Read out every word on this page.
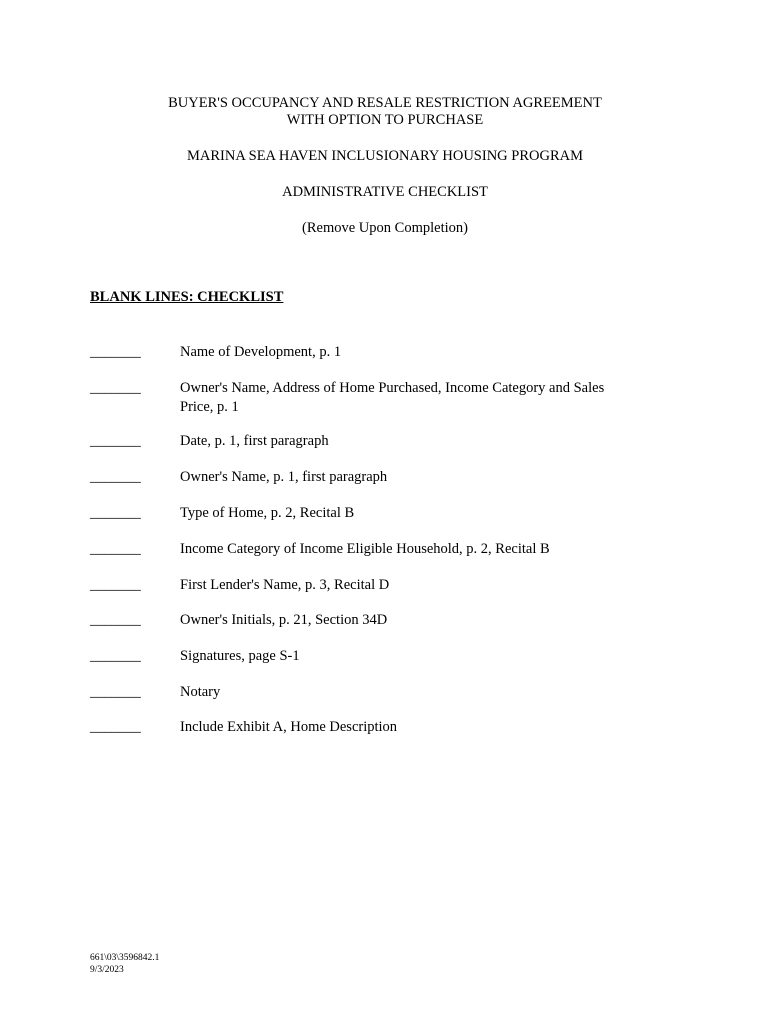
BUYER'S OCCUPANCY AND RESALE RESTRICTION AGREEMENT
WITH OPTION TO PURCHASE
MARINA SEA HAVEN INCLUSIONARY HOUSING PROGRAM
ADMINISTRATIVE CHECKLIST
(Remove Upon Completion)
BLANK LINES: CHECKLIST
_______	Name of Development, p. 1
_______	Owner's Name, Address of Home Purchased, Income Category and Sales Price, p. 1
_______	Date, p. 1, first paragraph
_______	Owner's Name, p. 1, first paragraph
_______	Type of Home, p. 2, Recital B
_______	Income Category of Income Eligible Household, p. 2, Recital B
_______	First Lender's Name, p. 3, Recital D
_______	Owner's Initials, p. 21, Section 34D
_______	Signatures, page S-1
_______	Notary
_______	Include Exhibit A, Home Description
661\03\3596842.1
9/3/2023
